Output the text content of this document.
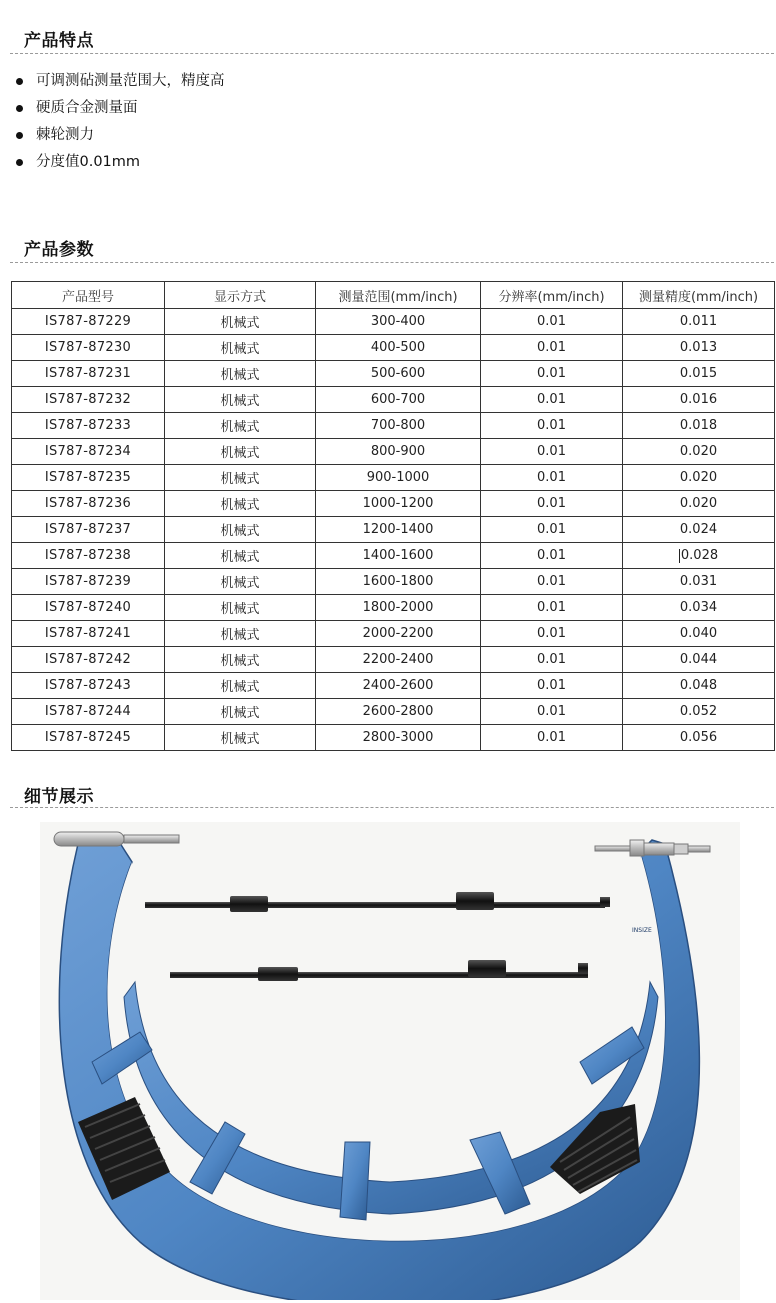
产品特点
可调测砧测量范围大，精度高
硬质合金测量面
棘轮测力
分度值0.01mm
产品参数
产品型号	显示方式	测量范围(mm/inch)	分辨率(mm/inch)	测量精度(mm/inch)
IS787-87229	机械式	300-400	0.01	0.011
IS787-87230	机械式	400-500	0.01	0.013
IS787-87231	机械式	500-600	0.01	0.015
IS787-87232	机械式	600-700	0.01	0.016
IS787-87233	机械式	700-800	0.01	0.018
IS787-87234	机械式	800-900	0.01	0.020
IS787-87235	机械式	900-1000	0.01	0.020
IS787-87236	机械式	1000-1200	0.01	0.020
IS787-87237	机械式	1200-1400	0.01	0.024
IS787-87238	机械式	1400-1600	0.01	0.028
IS787-87239	机械式	1600-1800	0.01	0.031
IS787-87240	机械式	1800-2000	0.01	0.034
IS787-87241	机械式	2000-2200	0.01	0.040
IS787-87242	机械式	2200-2400	0.01	0.044
IS787-87243	机械式	2400-2600	0.01	0.048
IS787-87244	机械式	2600-2800	0.01	0.052
IS787-87245	机械式	2800-3000	0.01	0.056
细节展示
INSIZE
